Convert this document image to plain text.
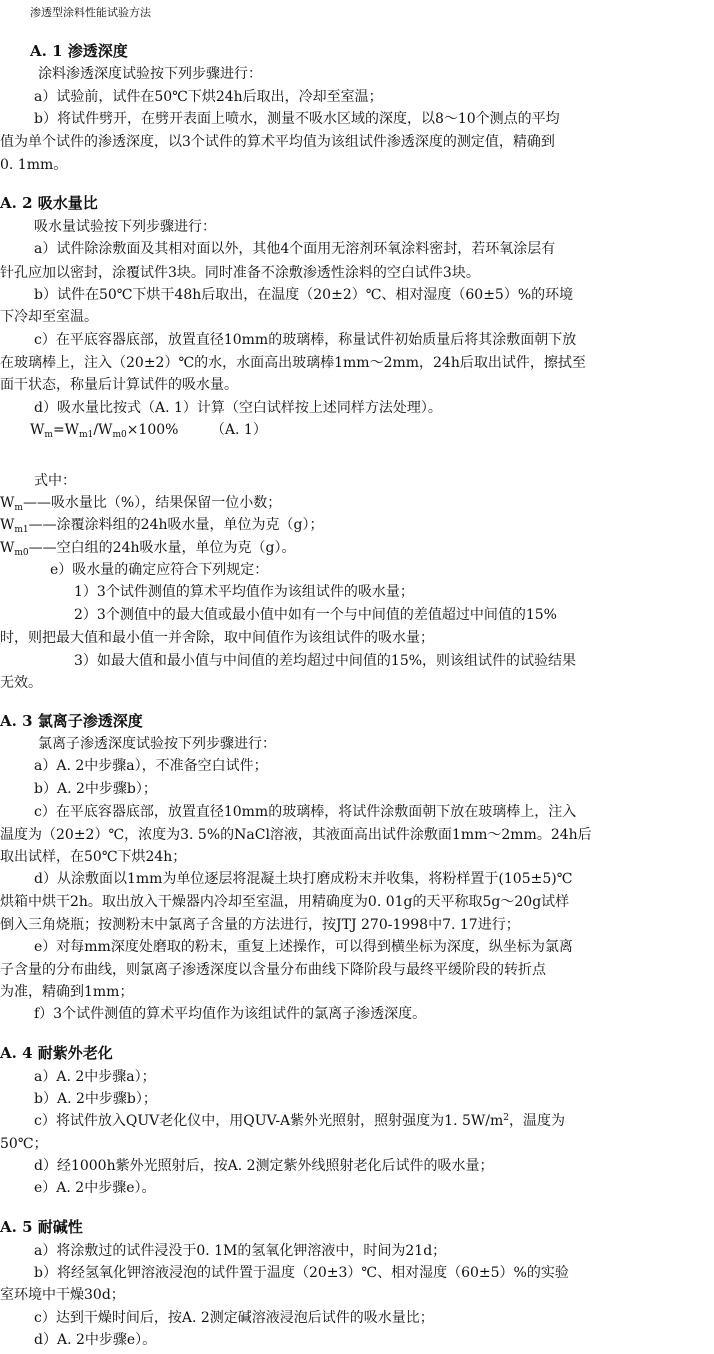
渗透型涂料性能试验方法
$W_m=W_{m1}/W_{m0}\times 100\%$ （A. 1）
A. 1 渗透深度
涂料渗透深度试验按下列步骤进行：
a）试验前，试件在50℃下烘24h后取出，冷却至室温；
b）将试件劈开，在劈开表面上喷水，测量不吸水区域的深度，以8～10个测点的平均
值为单个试件的渗透深度，以3个试件的算术平均值为该组试件渗透深度的测定值，精确到
0. 1mm。
A. 2 吸水量比
吸水量试验按下列步骤进行：
a）试件除涂敷面及其相对面以外，其他4个面用无溶剂环氧涂料密封，若环氧涂层有
针孔应加以密封，涂覆试件3块。同时准备不涂敷渗透性涂料的空白试件3块。
b）试件在50℃下烘干48h后取出，在温度（20±2）℃、相对湿度（60±5）%的环境
下冷却至室温。
c）在平底容器底部，放置直径10mm的玻璃棒，称量试件初始质量后将其涂敷面朝下放
在玻璃棒上，注入（20±2）℃的水，水面高出玻璃棒1mm～2mm，24h后取出试件，擦拭至
面干状态，称量后计算试件的吸水量。
d）吸水量比按式（A. 1）计算（空白试样按上述同样方法处理）。
式中：
$W_m——$吸水量比（%），结果保留一位小数；
$W_{m1}——$涂覆涂料组的24h吸水量，单位为克（g）；
$W_{m0}——$空白组的24h吸水量，单位为克（g）。
e）吸水量的确定应符合下列规定：
1）3个试件测值的算术平均值作为该组试件的吸水量；
2）3个测值中的最大值或最小值中如有一个与中间值的差值超过中间值的15%
时，则把最大值和最小值一并舍除，取中间值作为该组试件的吸水量；
3）如最大值和最小值与中间值的差均超过中间值的15%，则该组试件的试验结果
无效。
A. 3 氯离子渗透深度
氯离子渗透深度试验按下列步骤进行：
a）A. 2中步骤a），不准备空白试件；
b）A. 2中步骤b）；
c）在平底容器底部，放置直径10mm的玻璃棒，将试件涂敷面朝下放在玻璃棒上，注入
温度为（20±2）℃，浓度为3. 5%的NaCl溶液，其液面高出试件涂敷面1mm～2mm。24h后
取出试样，在50℃下烘24h；
d）从涂敷面以1mm为单位逐层将混凝土块打磨成粉末并收集，将粉样置于(105±5)℃
烘箱中烘干2h。取出放入干燥器内冷却至室温，用精确度为0. 01g的天平称取5g～20g试样
倒入三角烧瓶；按测粉末中氯离子含量的方法进行，按JTJ 270-1998中7. 17进行；
e）对每mm深度处磨取的粉末，重复上述操作，可以得到横坐标为深度，纵坐标为氯离
子含量的分布曲线，则氯离子渗透深度以含量分布曲线下降阶段与最终平缓阶段的转折点
为准，精确到1mm；
f）3个试件测值的算术平均值作为该组试件的氯离子渗透深度。
A. 4 耐紫外老化
a）A. 2中步骤a）；
b）A. 2中步骤b）；
c）将试件放入QUV老化仪中，用QUV-A紫外光照射，照射强度为1. $5W/m^2$，温度为
50℃；
d）经1000h紫外光照射后，按A. 2测定紫外线照射老化后试件的吸水量；
e）A. 2中步骤e）。
A. 5 耐碱性
a）将涂敷过的试件浸没于0. 1M的氢氧化钾溶液中，时间为21d；
b）将经氢氧化钾溶液浸泡的试件置于温度（20±3）℃、相对湿度（60±5）%的实验
室环境中干燥30d；
c）达到干燥时间后，按A. 2测定碱溶液浸泡后试件的吸水量比；
d）A. 2中步骤e）。
